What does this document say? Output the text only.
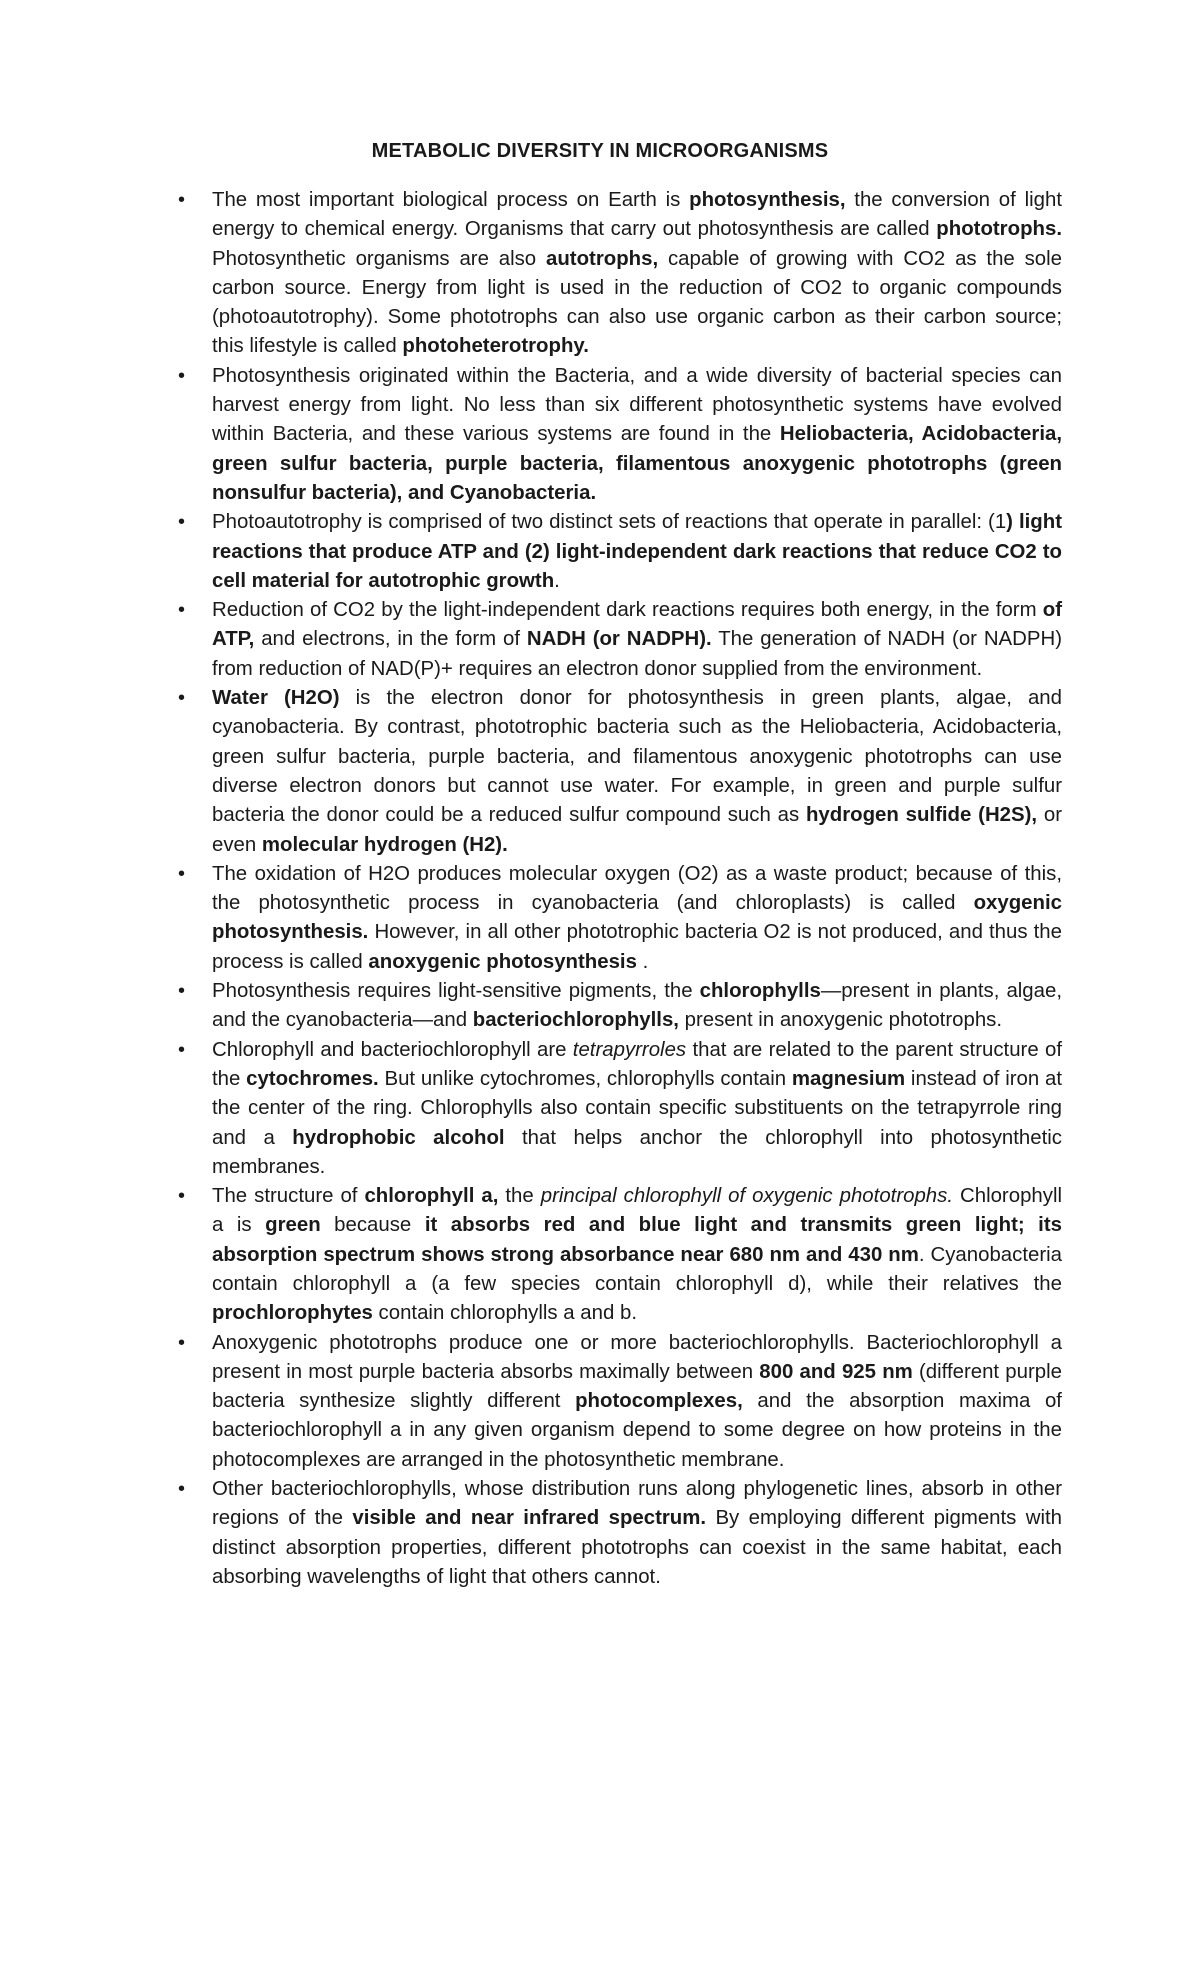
METABOLIC DIVERSITY IN MICROORGANISMS
• The most important biological process on Earth is photosynthesis, the conversion of light energy to chemical energy. Organisms that carry out photosynthesis are called phototrophs. Photosynthetic organisms are also autotrophs, capable of growing with CO2 as the sole carbon source. Energy from light is used in the reduction of CO2 to organic compounds (photoautotrophy). Some phototrophs can also use organic carbon as their carbon source; this lifestyle is called photoheterotrophy.
• Photosynthesis originated within the Bacteria, and a wide diversity of bacterial species can harvest energy from light. No less than six different photosynthetic systems have evolved within Bacteria, and these various systems are found in the Heliobacteria, Acidobacteria, green sulfur bacteria, purple bacteria, filamentous anoxygenic phototrophs (green nonsulfur bacteria), and Cyanobacteria.
• Photoautotrophy is comprised of two distinct sets of reactions that operate in parallel: (1) light reactions that produce ATP and (2) light-independent dark reactions that reduce CO2 to cell material for autotrophic growth.
• Reduction of CO2 by the light-independent dark reactions requires both energy, in the form of ATP, and electrons, in the form of NADH (or NADPH). The generation of NADH (or NADPH) from reduction of NAD(P)+ requires an electron donor supplied from the environment.
• Water (H2O) is the electron donor for photosynthesis in green plants, algae, and cyanobacteria. By contrast, phototrophic bacteria such as the Heliobacteria, Acidobacteria, green sulfur bacteria, purple bacteria, and filamentous anoxygenic phototrophs can use diverse electron donors but cannot use water. For example, in green and purple sulfur bacteria the donor could be a reduced sulfur compound such as hydrogen sulfide (H2S), or even molecular hydrogen (H2).
• The oxidation of H2O produces molecular oxygen (O2) as a waste product; because of this, the photosynthetic process in cyanobacteria (and chloroplasts) is called oxygenic photosynthesis. However, in all other phototrophic bacteria O2 is not produced, and thus the process is called anoxygenic photosynthesis .
• Photosynthesis requires light-sensitive pigments, the chlorophylls—present in plants, algae, and the cyanobacteria—and bacteriochlorophylls, present in anoxygenic phototrophs.
• Chlorophyll and bacteriochlorophyll are tetrapyrroles that are related to the parent structure of the cytochromes. But unlike cytochromes, chlorophylls contain magnesium instead of iron at the center of the ring. Chlorophylls also contain specific substituents on the tetrapyrrole ring and a hydrophobic alcohol that helps anchor the chlorophyll into photosynthetic membranes.
• The structure of chlorophyll a, the principal chlorophyll of oxygenic phototrophs. Chlorophyll a is green because it absorbs red and blue light and transmits green light; its absorption spectrum shows strong absorbance near 680 nm and 430 nm. Cyanobacteria contain chlorophyll a (a few species contain chlorophyll d), while their relatives the prochlorophytes contain chlorophylls a and b.
• Anoxygenic phototrophs produce one or more bacteriochlorophylls. Bacteriochlorophyll a present in most purple bacteria absorbs maximally between 800 and 925 nm (different purple bacteria synthesize slightly different photocomplexes, and the absorption maxima of bacteriochlorophyll a in any given organism depend to some degree on how proteins in the photocomplexes are arranged in the photosynthetic membrane.
• Other bacteriochlorophylls, whose distribution runs along phylogenetic lines, absorb in other regions of the visible and near infrared spectrum. By employing different pigments with distinct absorption properties, different phototrophs can coexist in the same habitat, each absorbing wavelengths of light that others cannot.
